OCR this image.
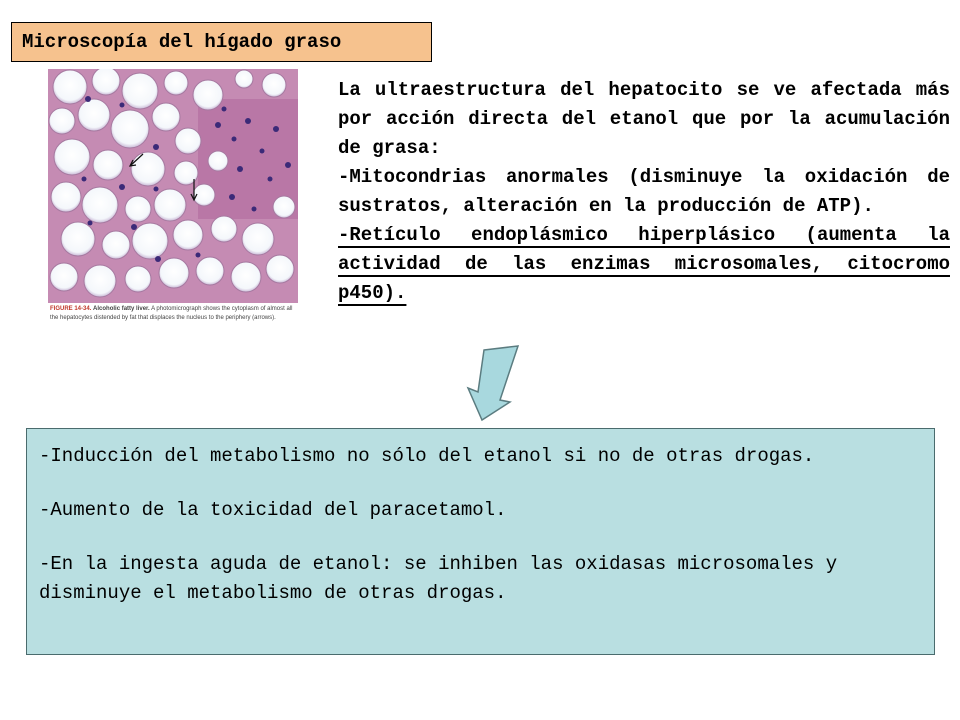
Microscopía del hígado graso
FIGURE 14-34. Alcoholic fatty liver. A photomicrograph shows the cytoplasm of almost all the hepatocytes distended by fat that displaces the nucleus to the periphery (arrows).

La ultraestructura del hepatocito se ve afectada más por acción directa del etanol que por la acumulación de grasa:

-Mitocondrias anormales (disminuye la oxidación de sustratos, alteración en la producción de ATP).

-Retículo endoplásmico hiperplásico (aumenta la actividad de las enzimas microsomales, citocromo p450).

-Inducción del metabolismo no sólo del etanol si no de otras drogas.

-Aumento de la toxicidad del paracetamol.

-En la ingesta aguda de etanol: se inhiben las oxidasas microsomales y disminuye el metabolismo de otras drogas.
